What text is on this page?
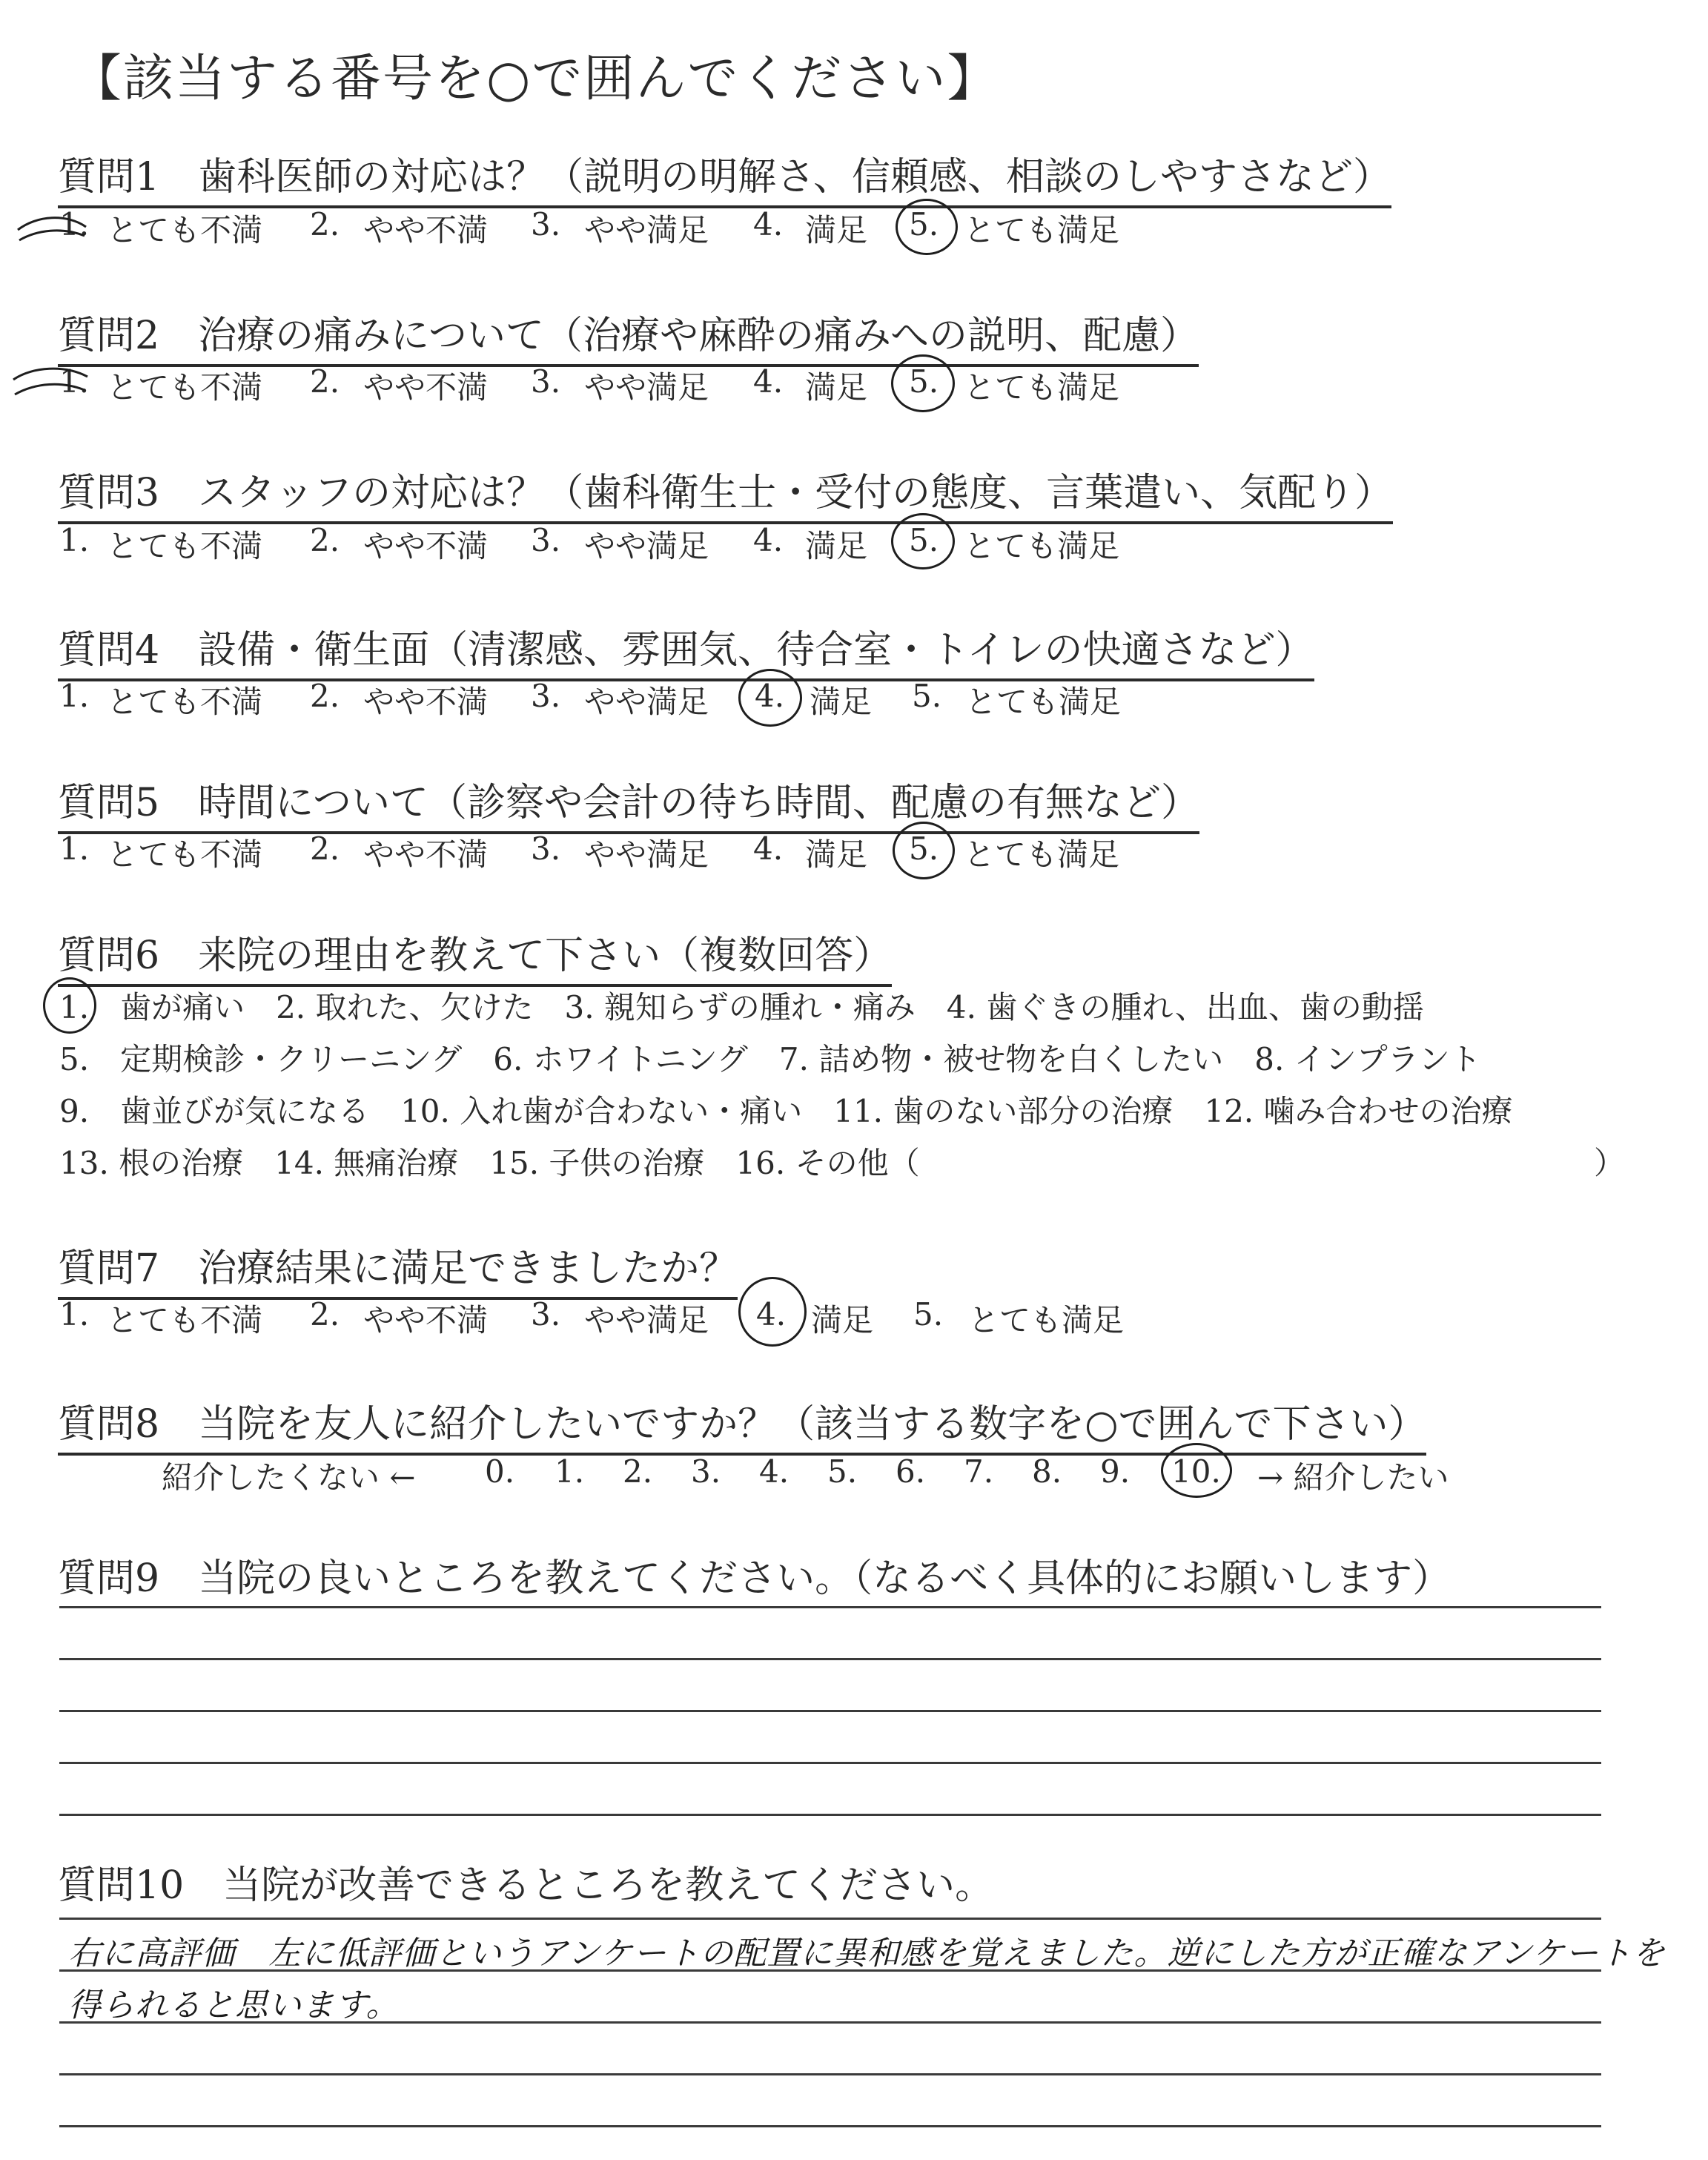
【該当する番号を○で囲んでください】
質問1　歯科医師の対応は？（説明の明解さ、信頼感、相談のしやすさなど）
1. とても不満 2. やや不満 3. やや満足 4. 満足 5. とても満足
質問2　治療の痛みについて（治療や麻酔の痛みへの説明、配慮）
1. とても不満 2. やや不満 3. やや満足 4. 満足 5. とても満足
質問3　スタッフの対応は？（歯科衛生士・受付の態度、言葉遣い、気配り）
1. とても不満 2. やや不満 3. やや満足 4. 満足 5. とても満足
質問4　設備・衛生面（清潔感、雰囲気、待合室・トイレの快適さなど）
1. とても不満 2. やや不満 3. やや満足 4. 満足 5. とても満足
質問5　時間について（診察や会計の待ち時間、配慮の有無など）
1. とても不満 2. やや不満 3. やや満足 4. 満足 5. とても満足
質問6　来院の理由を教えて下さい（複数回答）
1.　歯が痛い　2. 取れた、欠けた　3. 親知らずの腫れ・痛み　4. 歯ぐきの腫れ、出血、歯の動揺
5.　定期検診・クリーニング　6. ホワイトニング　7. 詰め物・被せ物を白くしたい　8. インプラント
9.　歯並びが気になる　10. 入れ歯が合わない・痛い　11. 歯のない部分の治療　12. 噛み合わせの治療
13. 根の治療　14. 無痛治療　15. 子供の治療　16. その他（	）
質問7　治療結果に満足できましたか？
1. とても不満 2. やや不満 3. やや満足 4. 満足 5. とても満足
質問8　当院を友人に紹介したいですか？（該当する数字を○で囲んで下さい）
紹介したくない ← 0. 1. 2. 3. 4. 5. 6. 7. 8. 9. 10. → 紹介したい
質問9　当院の良いところを教えてください。（なるべく具体的にお願いします）
質問10　当院が改善できるところを教えてください。
右に高評価　左に低評価というアンケートの配置に異和感を覚えました。逆にした方が正確なアンケートを
得られると思います。
